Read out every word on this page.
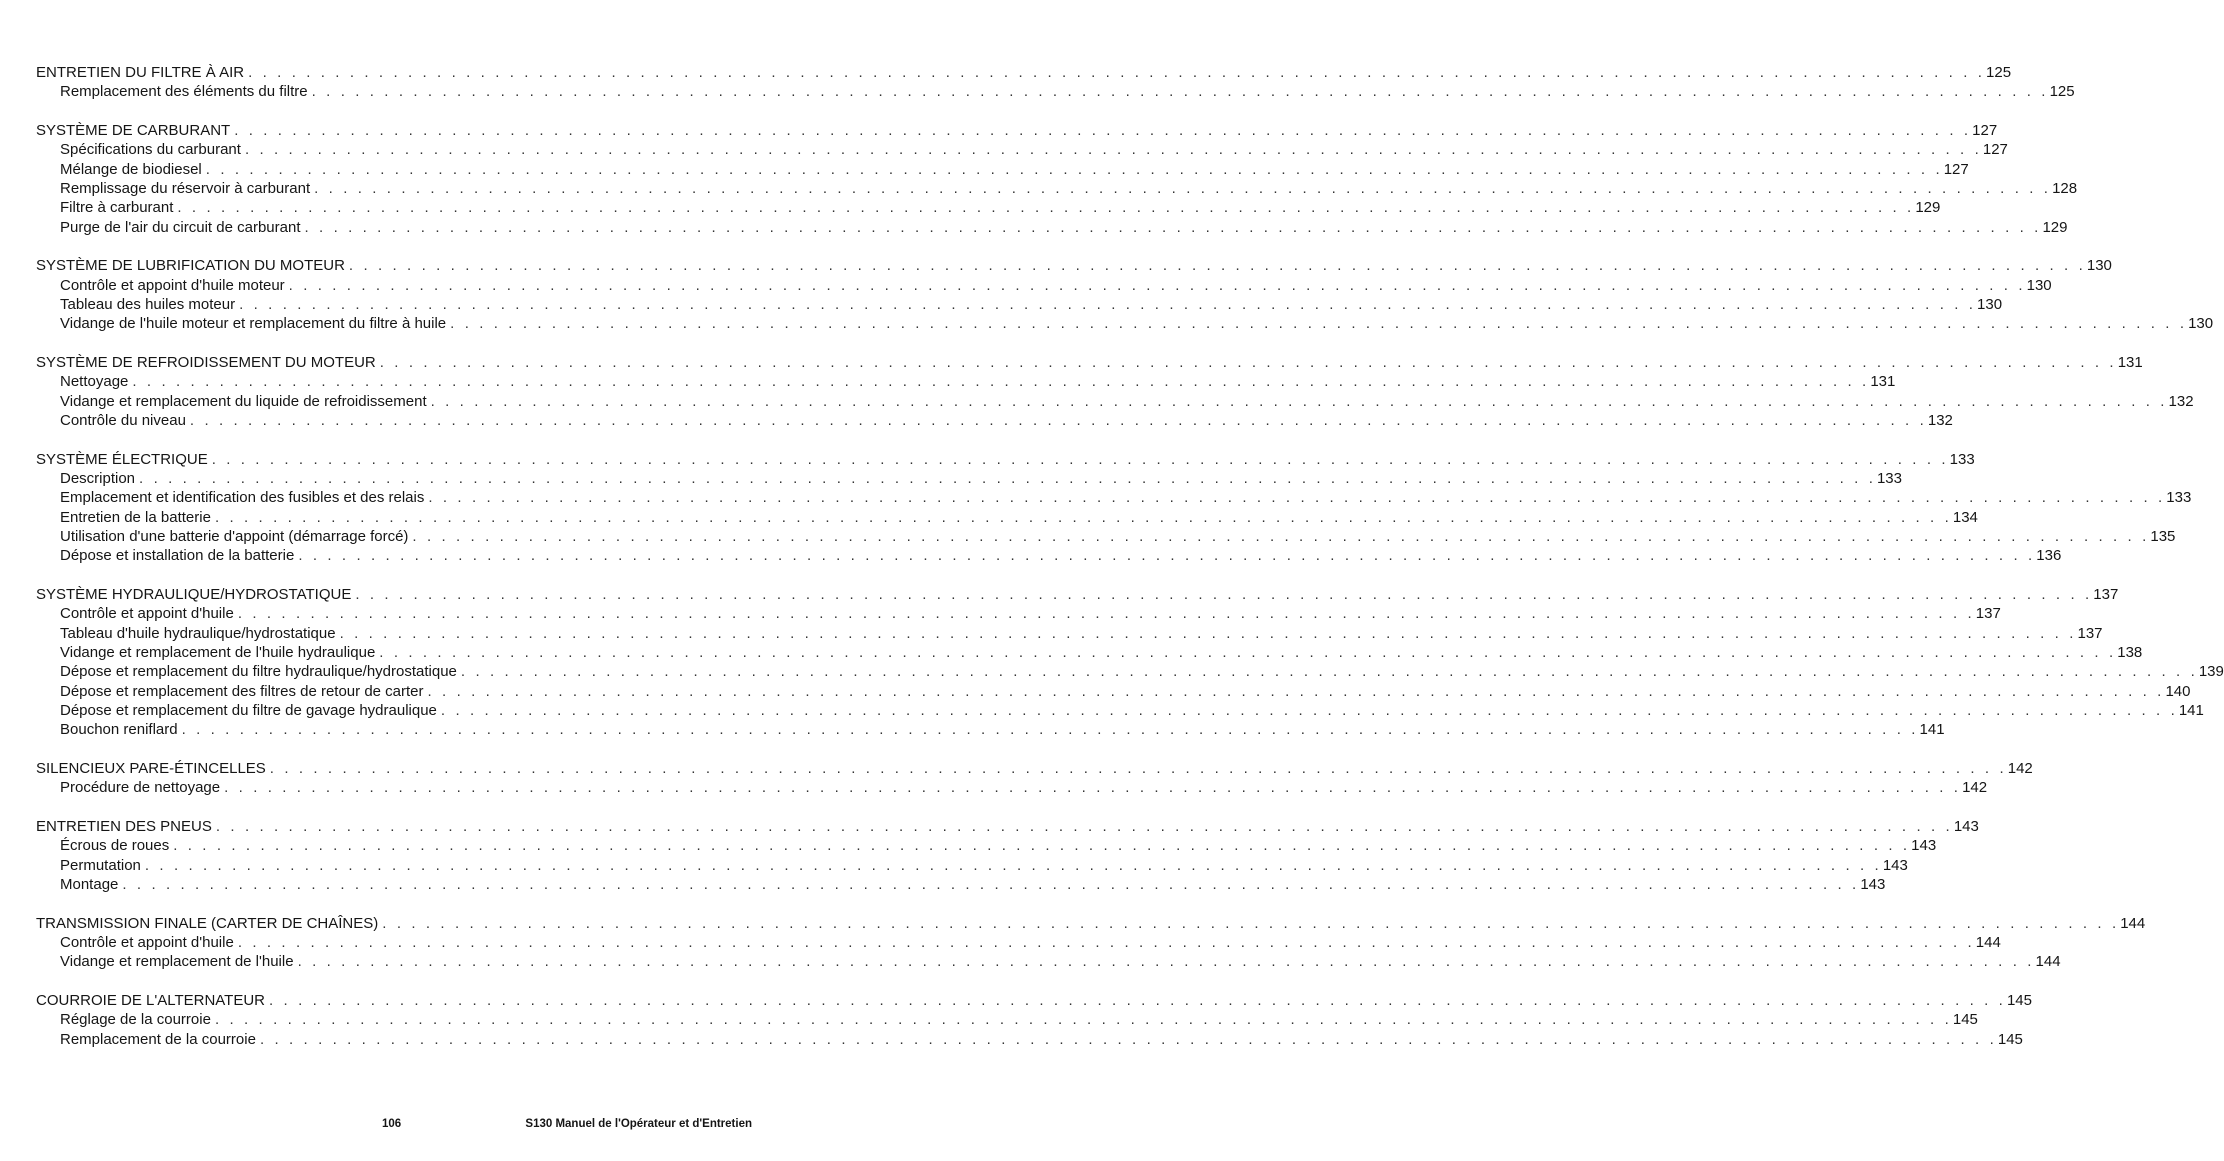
ENTRETIEN DU FILTRE À AIR . . . . . . . . . . . . . . . . . . . . . . . . . . . . . . . . . . . . . . . . . . . . . . . . . . . . . . . . . . . . . . . . . . . . . . . . . . . . . . . . . . . . . . . . . . . . . . . . . . . . . . . . . . . . . . . . . . . . . . . . 125
Remplacement des éléments du filtre . . . . . . . . . . . . . . . . . . . . . . . . . . . . . . . . . . . . . . . . . . . . . . . . . . . . . . . . . . . . . . . . . . . . . . . . . . . . . . . . . . . . . . . . . . . . . . . . . . . . . . . . . . . . . . . . . . . . . . . . 125
SYSTÈME DE CARBURANT . . . . . . . . . . . . . . . . . . . . . . . . . . . . . . . . . . . . . . . . . . . . . . . . . . . . . . . . . . . . . . . . . . . . . . . . . . . . . . . . . . . . . . . . . . . . . . . . . . . . . . . . . . . . . . . . . . . . . . . . 127
Spécifications du carburant . . . . . . . . . . . . . . . . . . . . . . . . . . . . . . . . . . . . . . . . . . . . . . . . . . . . . . . . . . . . . . . . . . . . . . . . . . . . . . . . . . . . . . . . . . . . . . . . . . . . . . . . . . . . . . . . . . . . . . . . 127
Mélange de biodiesel . . . . . . . . . . . . . . . . . . . . . . . . . . . . . . . . . . . . . . . . . . . . . . . . . . . . . . . . . . . . . . . . . . . . . . . . . . . . . . . . . . . . . . . . . . . . . . . . . . . . . . . . . . . . . . . . . . . . . . . . 127
Remplissage du réservoir à carburant . . . . . . . . . . . . . . . . . . . . . . . . . . . . . . . . . . . . . . . . . . . . . . . . . . . . . . . . . . . . . . . . . . . . . . . . . . . . . . . . . . . . . . . . . . . . . . . . . . . . . . . . . . . . . . . . . . . . . . . . 128
Filtre à carburant . . . . . . . . . . . . . . . . . . . . . . . . . . . . . . . . . . . . . . . . . . . . . . . . . . . . . . . . . . . . . . . . . . . . . . . . . . . . . . . . . . . . . . . . . . . . . . . . . . . . . . . . . . . . . . . . . . . . . . . . 129
Purge de l'air du circuit de carburant . . . . . . . . . . . . . . . . . . . . . . . . . . . . . . . . . . . . . . . . . . . . . . . . . . . . . . . . . . . . . . . . . . . . . . . . . . . . . . . . . . . . . . . . . . . . . . . . . . . . . . . . . . . . . . . . . . . . . . . . 129
SYSTÈME DE LUBRIFICATION DU MOTEUR . . . . . . . . . . . . . . . . . . . . . . . . . . . . . . . . . . . . . . . . . . . . . . . . . . . . . . . . . . . . . . . . . . . . . . . . . . . . . . . . . . . . . . . . . . . . . . . . . . . . . . . . . . . . . . . . . . . . . . . . 130
Contrôle et appoint d'huile moteur . . . . . . . . . . . . . . . . . . . . . . . . . . . . . . . . . . . . . . . . . . . . . . . . . . . . . . . . . . . . . . . . . . . . . . . . . . . . . . . . . . . . . . . . . . . . . . . . . . . . . . . . . . . . . . . . . . . . . . . . 130
Tableau des huiles moteur . . . . . . . . . . . . . . . . . . . . . . . . . . . . . . . . . . . . . . . . . . . . . . . . . . . . . . . . . . . . . . . . . . . . . . . . . . . . . . . . . . . . . . . . . . . . . . . . . . . . . . . . . . . . . . . . . . . . . . . . 130
Vidange de l'huile moteur et remplacement du filtre à huile . . . . . . . . . . . . . . . . . . . . . . . . . . . . . . . . . . . . . . . . . . . . . . . . . . . . . . . . . . . . . . . . . . . . . . . . . . . . . . . . . . . . . . . . . . . . . . . . . . . . . . . . . . . . . . . . . . . . . . . . 130
SYSTÈME DE REFROIDISSEMENT DU MOTEUR . . . . . . . . . . . . . . . . . . . . . . . . . . . . . . . . . . . . . . . . . . . . . . . . . . . . . . . . . . . . . . . . . . . . . . . . . . . . . . . . . . . . . . . . . . . . . . . . . . . . . . . . . . . . . . . . . . . . . . . . 131
Nettoyage . . . . . . . . . . . . . . . . . . . . . . . . . . . . . . . . . . . . . . . . . . . . . . . . . . . . . . . . . . . . . . . . . . . . . . . . . . . . . . . . . . . . . . . . . . . . . . . . . . . . . . . . . . . . . . . . . . . . . . . . 131
Vidange et remplacement du liquide de refroidissement . . . . . . . . . . . . . . . . . . . . . . . . . . . . . . . . . . . . . . . . . . . . . . . . . . . . . . . . . . . . . . . . . . . . . . . . . . . . . . . . . . . . . . . . . . . . . . . . . . . . . . . . . . . . . . . . . . . . . . . . 132
Contrôle du niveau . . . . . . . . . . . . . . . . . . . . . . . . . . . . . . . . . . . . . . . . . . . . . . . . . . . . . . . . . . . . . . . . . . . . . . . . . . . . . . . . . . . . . . . . . . . . . . . . . . . . . . . . . . . . . . . . . . . . . . . . 132
SYSTÈME ÉLECTRIQUE . . . . . . . . . . . . . . . . . . . . . . . . . . . . . . . . . . . . . . . . . . . . . . . . . . . . . . . . . . . . . . . . . . . . . . . . . . . . . . . . . . . . . . . . . . . . . . . . . . . . . . . . . . . . . . . . . . . . . . . . 133
Description . . . . . . . . . . . . . . . . . . . . . . . . . . . . . . . . . . . . . . . . . . . . . . . . . . . . . . . . . . . . . . . . . . . . . . . . . . . . . . . . . . . . . . . . . . . . . . . . . . . . . . . . . . . . . . . . . . . . . . . . 133
Emplacement et identification des fusibles et des relais . . . . . . . . . . . . . . . . . . . . . . . . . . . . . . . . . . . . . . . . . . . . . . . . . . . . . . . . . . . . . . . . . . . . . . . . . . . . . . . . . . . . . . . . . . . . . . . . . . . . . . . . . . . . . . . . . . . . . . . . 133
Entretien de la batterie . . . . . . . . . . . . . . . . . . . . . . . . . . . . . . . . . . . . . . . . . . . . . . . . . . . . . . . . . . . . . . . . . . . . . . . . . . . . . . . . . . . . . . . . . . . . . . . . . . . . . . . . . . . . . . . . . . . . . . . . 134
Utilisation d'une batterie d'appoint (démarrage forcé) . . . . . . . . . . . . . . . . . . . . . . . . . . . . . . . . . . . . . . . . . . . . . . . . . . . . . . . . . . . . . . . . . . . . . . . . . . . . . . . . . . . . . . . . . . . . . . . . . . . . . . . . . . . . . . . . . . . . . . . . 135
Dépose et installation de la batterie . . . . . . . . . . . . . . . . . . . . . . . . . . . . . . . . . . . . . . . . . . . . . . . . . . . . . . . . . . . . . . . . . . . . . . . . . . . . . . . . . . . . . . . . . . . . . . . . . . . . . . . . . . . . . . . . . . . . . . . . 136
SYSTÈME HYDRAULIQUE/HYDROSTATIQUE . . . . . . . . . . . . . . . . . . . . . . . . . . . . . . . . . . . . . . . . . . . . . . . . . . . . . . . . . . . . . . . . . . . . . . . . . . . . . . . . . . . . . . . . . . . . . . . . . . . . . . . . . . . . . . . . . . . . . . . . 137
Contrôle et appoint d'huile . . . . . . . . . . . . . . . . . . . . . . . . . . . . . . . . . . . . . . . . . . . . . . . . . . . . . . . . . . . . . . . . . . . . . . . . . . . . . . . . . . . . . . . . . . . . . . . . . . . . . . . . . . . . . . . . . . . . . . . . 137
Tableau d'huile hydraulique/hydrostatique . . . . . . . . . . . . . . . . . . . . . . . . . . . . . . . . . . . . . . . . . . . . . . . . . . . . . . . . . . . . . . . . . . . . . . . . . . . . . . . . . . . . . . . . . . . . . . . . . . . . . . . . . . . . . . . . . . . . . . . . 137
Vidange et remplacement de l'huile hydraulique . . . . . . . . . . . . . . . . . . . . . . . . . . . . . . . . . . . . . . . . . . . . . . . . . . . . . . . . . . . . . . . . . . . . . . . . . . . . . . . . . . . . . . . . . . . . . . . . . . . . . . . . . . . . . . . . . . . . . . . . 138
Dépose et remplacement du filtre hydraulique/hydrostatique . . . . . . . . . . . . . . . . . . . . . . . . . . . . . . . . . . . . . . . . . . . . . . . . . . . . . . . . . . . . . . . . . . . . . . . . . . . . . . . . . . . . . . . . . . . . . . . . . . . . . . . . . . . . . . . . . . . . . . . . 139
Dépose et remplacement des filtres de retour de carter . . . . . . . . . . . . . . . . . . . . . . . . . . . . . . . . . . . . . . . . . . . . . . . . . . . . . . . . . . . . . . . . . . . . . . . . . . . . . . . . . . . . . . . . . . . . . . . . . . . . . . . . . . . . . . . . . . . . . . . . 140
Dépose et remplacement du filtre de gavage hydraulique . . . . . . . . . . . . . . . . . . . . . . . . . . . . . . . . . . . . . . . . . . . . . . . . . . . . . . . . . . . . . . . . . . . . . . . . . . . . . . . . . . . . . . . . . . . . . . . . . . . . . . . . . . . . . . . . . . . . . . . . 141
Bouchon reniflard . . . . . . . . . . . . . . . . . . . . . . . . . . . . . . . . . . . . . . . . . . . . . . . . . . . . . . . . . . . . . . . . . . . . . . . . . . . . . . . . . . . . . . . . . . . . . . . . . . . . . . . . . . . . . . . . . . . . . . . . 141
SILENCIEUX PARE-ÉTINCELLES . . . . . . . . . . . . . . . . . . . . . . . . . . . . . . . . . . . . . . . . . . . . . . . . . . . . . . . . . . . . . . . . . . . . . . . . . . . . . . . . . . . . . . . . . . . . . . . . . . . . . . . . . . . . . . . . . . . . . . . . 142
Procédure de nettoyage . . . . . . . . . . . . . . . . . . . . . . . . . . . . . . . . . . . . . . . . . . . . . . . . . . . . . . . . . . . . . . . . . . . . . . . . . . . . . . . . . . . . . . . . . . . . . . . . . . . . . . . . . . . . . . . . . . . . . . . . 142
ENTRETIEN DES PNEUS . . . . . . . . . . . . . . . . . . . . . . . . . . . . . . . . . . . . . . . . . . . . . . . . . . . . . . . . . . . . . . . . . . . . . . . . . . . . . . . . . . . . . . . . . . . . . . . . . . . . . . . . . . . . . . . . . . . . . . . . 143
Écrous de roues . . . . . . . . . . . . . . . . . . . . . . . . . . . . . . . . . . . . . . . . . . . . . . . . . . . . . . . . . . . . . . . . . . . . . . . . . . . . . . . . . . . . . . . . . . . . . . . . . . . . . . . . . . . . . . . . . . . . . . . . 143
Permutation . . . . . . . . . . . . . . . . . . . . . . . . . . . . . . . . . . . . . . . . . . . . . . . . . . . . . . . . . . . . . . . . . . . . . . . . . . . . . . . . . . . . . . . . . . . . . . . . . . . . . . . . . . . . . . . . . . . . . . . . 143
Montage . . . . . . . . . . . . . . . . . . . . . . . . . . . . . . . . . . . . . . . . . . . . . . . . . . . . . . . . . . . . . . . . . . . . . . . . . . . . . . . . . . . . . . . . . . . . . . . . . . . . . . . . . . . . . . . . . . . . . . . . 143
TRANSMISSION FINALE (CARTER DE CHAÎNES) . . . . . . . . . . . . . . . . . . . . . . . . . . . . . . . . . . . . . . . . . . . . . . . . . . . . . . . . . . . . . . . . . . . . . . . . . . . . . . . . . . . . . . . . . . . . . . . . . . . . . . . . . . . . . . . . . . . . . . . . 144
Contrôle et appoint d'huile . . . . . . . . . . . . . . . . . . . . . . . . . . . . . . . . . . . . . . . . . . . . . . . . . . . . . . . . . . . . . . . . . . . . . . . . . . . . . . . . . . . . . . . . . . . . . . . . . . . . . . . . . . . . . . . . . . . . . . . . 144
Vidange et remplacement de l'huile . . . . . . . . . . . . . . . . . . . . . . . . . . . . . . . . . . . . . . . . . . . . . . . . . . . . . . . . . . . . . . . . . . . . . . . . . . . . . . . . . . . . . . . . . . . . . . . . . . . . . . . . . . . . . . . . . . . . . . . . 144
COURROIE DE L'ALTERNATEUR . . . . . . . . . . . . . . . . . . . . . . . . . . . . . . . . . . . . . . . . . . . . . . . . . . . . . . . . . . . . . . . . . . . . . . . . . . . . . . . . . . . . . . . . . . . . . . . . . . . . . . . . . . . . . . . . . . . . . . . . 145
Réglage de la courroie . . . . . . . . . . . . . . . . . . . . . . . . . . . . . . . . . . . . . . . . . . . . . . . . . . . . . . . . . . . . . . . . . . . . . . . . . . . . . . . . . . . . . . . . . . . . . . . . . . . . . . . . . . . . . . . . . . . . . . . . 145
Remplacement de la courroie . . . . . . . . . . . . . . . . . . . . . . . . . . . . . . . . . . . . . . . . . . . . . . . . . . . . . . . . . . . . . . . . . . . . . . . . . . . . . . . . . . . . . . . . . . . . . . . . . . . . . . . . . . . . . . . . . . . . . . . . 145
106	S130 Manuel de l'Opérateur et d'Entretien
